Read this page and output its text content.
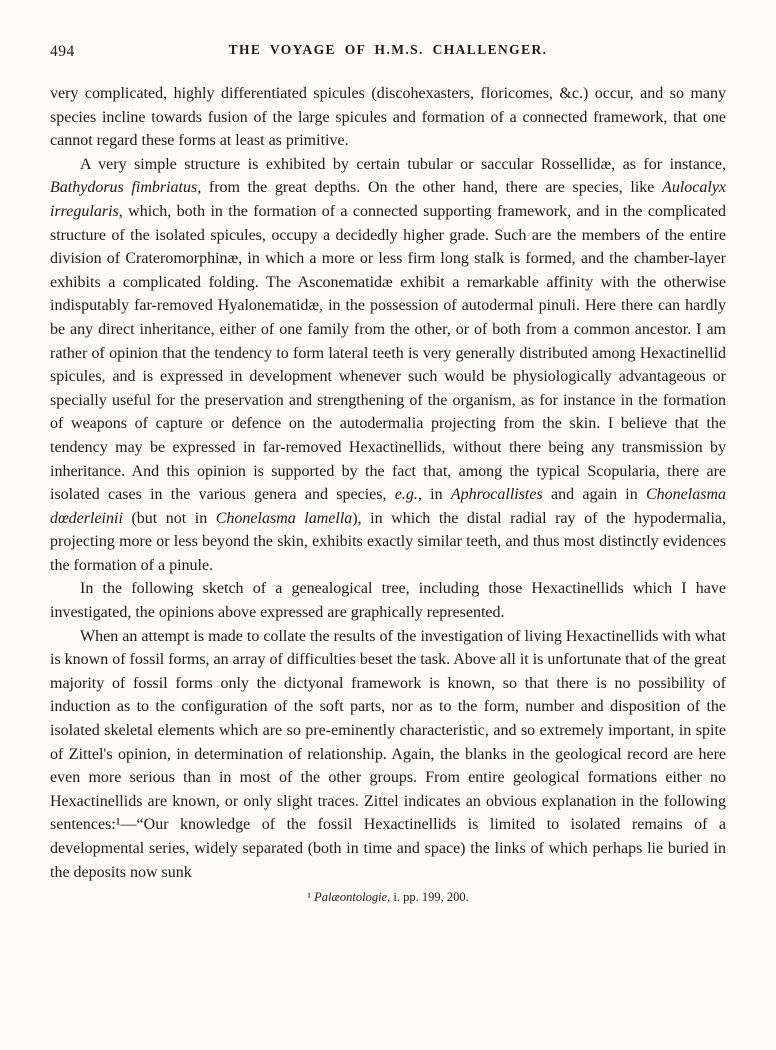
494	THE VOYAGE OF H.M.S. CHALLENGER.

very complicated, highly differentiated spicules (discohexasters, floricomes, &c.) occur, and so many species incline towards fusion of the large spicules and formation of a connected framework, that one cannot regard these forms at least as primitive.

A very simple structure is exhibited by certain tubular or saccular Rossellidæ, as for instance, Bathydorus fimbriatus, from the great depths. On the other hand, there are species, like Aulocalyx irregularis, which, both in the formation of a connected supporting framework, and in the complicated structure of the isolated spicules, occupy a decidedly higher grade. Such are the members of the entire division of Crateromorphinæ, in which a more or less firm long stalk is formed, and the chamber-layer exhibits a complicated folding. The Asconematidæ exhibit a remarkable affinity with the otherwise indisputably far-removed Hyalonematidæ, in the possession of autodermal pinuli. Here there can hardly be any direct inheritance, either of one family from the other, or of both from a common ancestor. I am rather of opinion that the tendency to form lateral teeth is very generally distributed among Hexactinellid spicules, and is expressed in development whenever such would be physiologically advantageous or specially useful for the preservation and strengthening of the organism, as for instance in the formation of weapons of capture or defence on the autodermalia projecting from the skin. I believe that the tendency may be expressed in far-removed Hexactinellids, without there being any transmission by inheritance. And this opinion is supported by the fact that, among the typical Scopularia, there are isolated cases in the various genera and species, e.g., in Aphrocallistes and again in Chonelasma dœderleinii (but not in Chonelasma lamella), in which the distal radial ray of the hypodermalia, projecting more or less beyond the skin, exhibits exactly similar teeth, and thus most distinctly evidences the formation of a pinule.

In the following sketch of a genealogical tree, including those Hexactinellids which I have investigated, the opinions above expressed are graphically represented.

When an attempt is made to collate the results of the investigation of living Hexactinellids with what is known of fossil forms, an array of difficulties beset the task. Above all it is unfortunate that of the great majority of fossil forms only the dictyonal framework is known, so that there is no possibility of induction as to the configuration of the soft parts, nor as to the form, number and disposition of the isolated skeletal elements which are so pre-eminently characteristic, and so extremely important, in spite of Zittel's opinion, in determination of relationship. Again, the blanks in the geological record are here even more serious than in most of the other groups. From entire geological formations either no Hexactinellids are known, or only slight traces. Zittel indicates an obvious explanation in the following sentences:¹—“Our knowledge of the fossil Hexactinellids is limited to isolated remains of a developmental series, widely separated (both in time and space) the links of which perhaps lie buried in the deposits now sunk

¹ Palæontologie, i. pp. 199, 200.
